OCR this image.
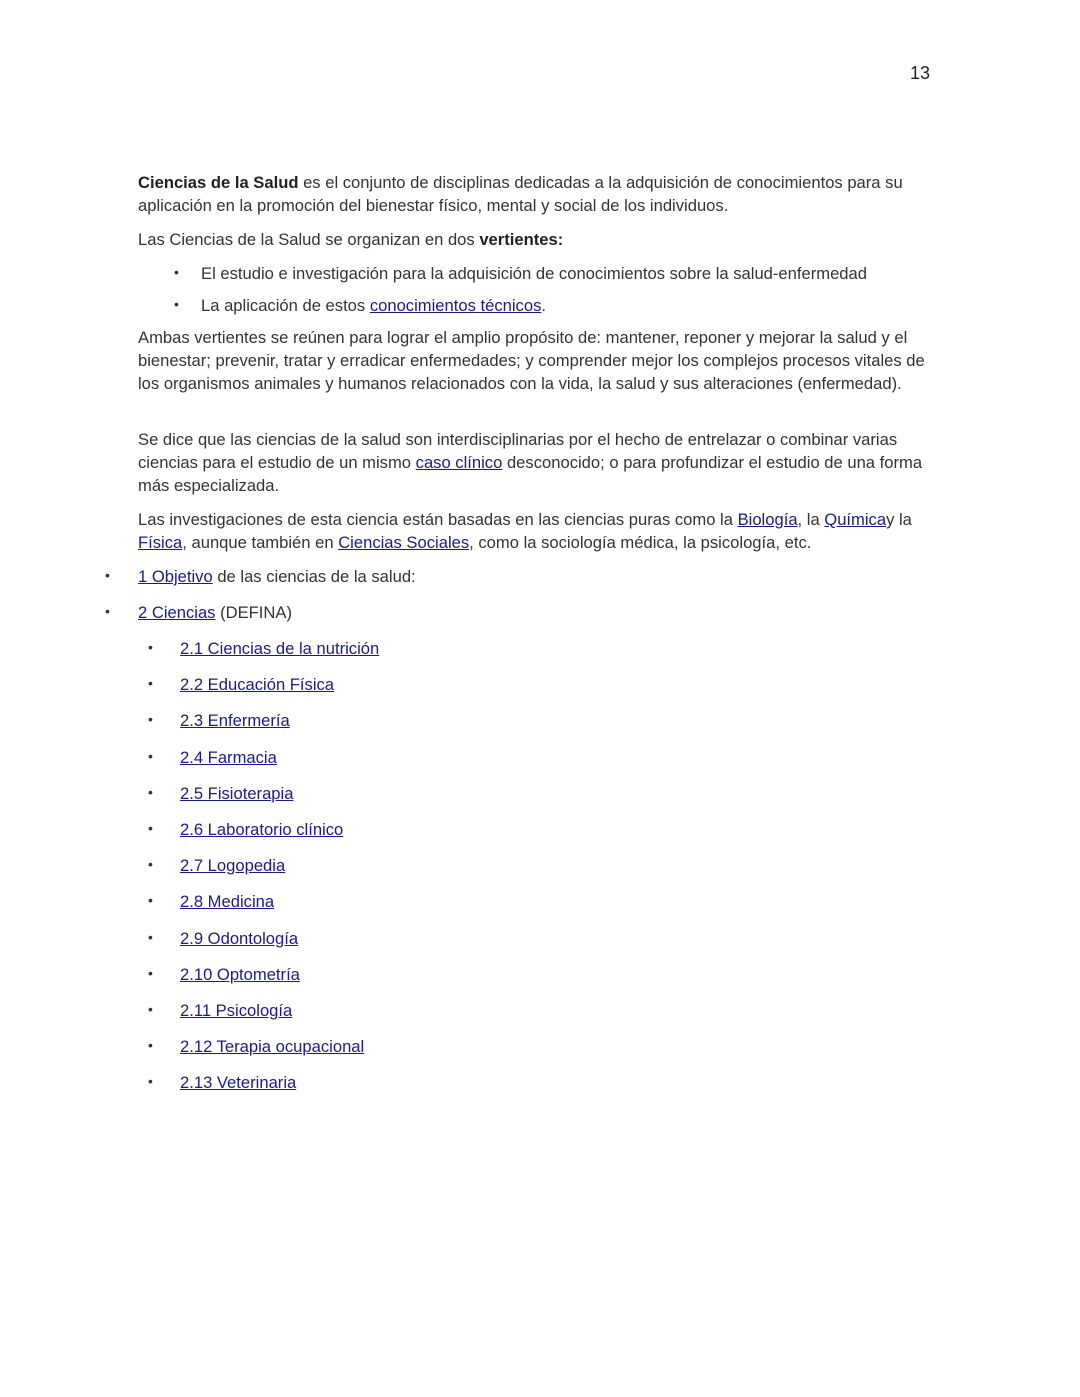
13
Ciencias de la Salud es el conjunto de disciplinas dedicadas a la adquisición de conocimientos para su aplicación en la promoción del bienestar físico, mental y social de los individuos.
Las Ciencias de la Salud se organizan en dos vertientes:
• El estudio e investigación para la adquisición de conocimientos sobre la salud-enfermedad
• La aplicación de estos conocimientos técnicos.
Ambas vertientes se reúnen para lograr el amplio propósito de: mantener, reponer y mejorar la salud y el bienestar; prevenir, tratar y erradicar enfermedades; y comprender mejor los complejos procesos vitales de los organismos animales y humanos relacionados con la vida, la salud y sus alteraciones (enfermedad).
Se dice que las ciencias de la salud son interdisciplinarias por el hecho de entrelazar o combinar varias ciencias para el estudio de un mismo caso clínico desconocido; o para profundizar el estudio de una forma más especializada.
Las investigaciones de esta ciencia están basadas en las ciencias puras como la Biología, la Químicay la Física, aunque también en Ciencias Sociales, como la sociología médica, la psicología, etc.
• 1 Objetivo de las ciencias de la salud:
• 2 Ciencias (DEFINA)
• 2.1 Ciencias de la nutrición
• 2.2 Educación Física
• 2.3 Enfermería
• 2.4 Farmacia
• 2.5 Fisioterapia
• 2.6 Laboratorio clínico
• 2.7 Logopedia
• 2.8 Medicina
• 2.9 Odontología
• 2.10 Optometría
• 2.11 Psicología
• 2.12 Terapia ocupacional
• 2.13 Veterinaria
